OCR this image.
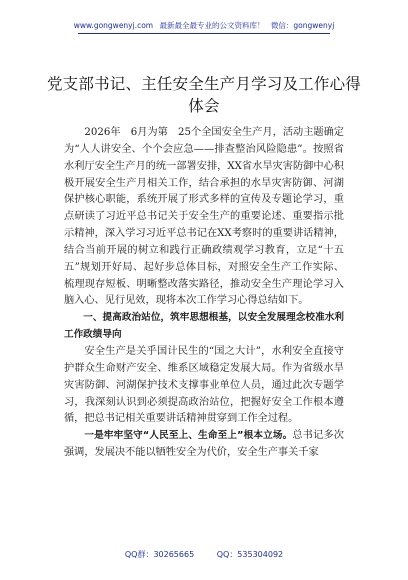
www.gongwenyj.com 最新最全最专业的公文资料库！ 微信：gongwenyj
党支部书记、主任安全生产月学习及工作心得体会

2026年　6月为第　25个全国安全生产月，活动主题确定为“人人讲安全、个个会应急——排查整治风险隐患”。按照省水利厅安全生产月的统一部署安排，XX省水旱灾害防御中心积极开展安全生产月相关工作，结合承担的水旱灾害防御、河湖保护核心职能，系统开展了形式多样的宣传及专题论学习，重点研读了习近平总书记关于安全生产的重要论述、重要指示批示精神，深入学习习近平总书记在XX考察时的重要讲话精神，结合当前开展的树立和践行正确政绩观学习教育，立足“十五五”规划开好局、起好步总体目标，对照安全生产工作实际、梳理现存短板、明晰整改落实路径，推动安全生产理论学习入脑入心、见行见效，现将本次工作学习心得总结如下。

一、提高政治站位，筑牢思想根基，以安全发展理念校准水利工作政绩导向

安全生产是关乎国计民生的“国之大计”，水利安全直接守护群众生命财产安全、维系区域稳定发展大局。作为省级水旱灾害防御、河湖保护技术支撑事业单位人员，通过此次专题学习，我深刻认识到必须提高政治站位，把握好安全工作根本遵循，把总书记相关重要讲话精神贯穿到工作全过程。

一是牢牢坚守“人民至上、生命至上”根本立场。总书记多次强调，发展决不能以牺牲安全为代价，安全生产事关千家

QQ群：30265665	QQ：535304092
